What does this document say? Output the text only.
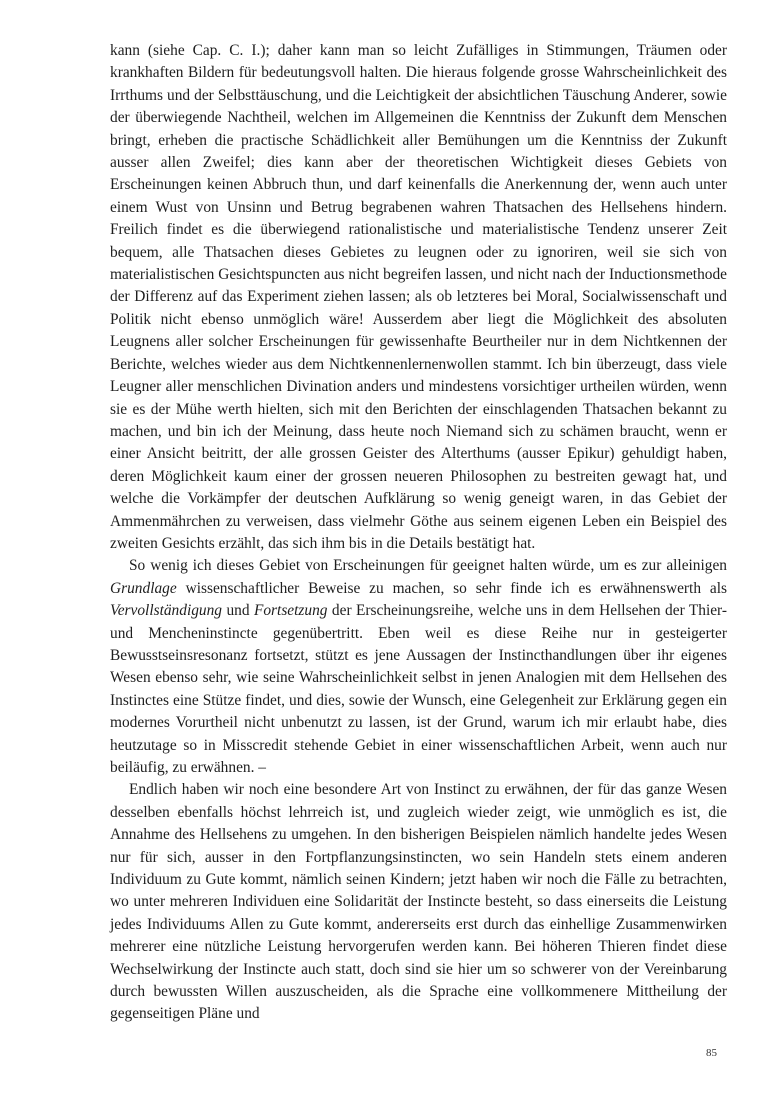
kann (siehe Cap. C. I.); daher kann man so leicht Zufälliges in Stimmungen, Träumen oder krankhaften Bildern für bedeutungsvoll halten. Die hieraus folgende grosse Wahrscheinlichkeit des Irrthums und der Selbsttäuschung, und die Leichtigkeit der absichtlichen Täuschung Anderer, sowie der überwiegende Nachtheil, welchen im Allgemeinen die Kenntniss der Zukunft dem Menschen bringt, erheben die practische Schädlichkeit aller Bemühungen um die Kenntniss der Zukunft ausser allen Zweifel; dies kann aber der theoretischen Wichtigkeit dieses Gebiets von Erscheinungen keinen Abbruch thun, und darf keinenfalls die Anerkennung der, wenn auch unter einem Wust von Unsinn und Betrug begrabenen wahren Thatsachen des Hellsehens hindern. Freilich findet es die überwiegend rationalistische und materialistische Tendenz unserer Zeit bequem, alle Thatsachen dieses Gebietes zu leugnen oder zu ignoriren, weil sie sich von materialistischen Gesichtspuncten aus nicht begreifen lassen, und nicht nach der Inductionsmethode der Differenz auf das Experiment ziehen lassen; als ob letzteres bei Moral, Socialwissenschaft und Politik nicht ebenso unmöglich wäre! Ausserdem aber liegt die Möglichkeit des absoluten Leugnens aller solcher Erscheinungen für gewissenhafte Beurtheiler nur in dem Nichtkennen der Berichte, welches wieder aus dem Nichtkennenlernenwollen stammt. Ich bin überzeugt, dass viele Leugner aller menschlichen Divination anders und mindestens vorsichtiger urtheilen würden, wenn sie es der Mühe werth hielten, sich mit den Berichten der einschlagenden Thatsachen bekannt zu machen, und bin ich der Meinung, dass heute noch Niemand sich zu schämen braucht, wenn er einer Ansicht beitritt, der alle grossen Geister des Alterthums (ausser Epikur) gehuldigt haben, deren Möglichkeit kaum einer der grossen neueren Philosophen zu bestreiten gewagt hat, und welche die Vorkämpfer der deutschen Aufklärung so wenig geneigt waren, in das Gebiet der Ammenmährchen zu verweisen, dass vielmehr Göthe aus seinem eigenen Leben ein Beispiel des zweiten Gesichts erzählt, das sich ihm bis in die Details bestätigt hat.

So wenig ich dieses Gebiet von Erscheinungen für geeignet halten würde, um es zur alleinigen Grundlage wissenschaftlicher Beweise zu machen, so sehr finde ich es erwähnenswerth als Vervollständigung und Fortsetzung der Erscheinungsreihe, welche uns in dem Hellsehen der Thier- und Mencheninstincte gegenübertritt. Eben weil es diese Reihe nur in gesteigerter Bewusstseinsresonanz fortsetzt, stützt es jene Aussagen der Instincthandlungen über ihr eigenes Wesen ebenso sehr, wie seine Wahrscheinlichkeit selbst in jenen Analogien mit dem Hellsehen des Instinctes eine Stütze findet, und dies, sowie der Wunsch, eine Gelegenheit zur Erklärung gegen ein modernes Vorurtheil nicht unbenutzt zu lassen, ist der Grund, warum ich mir erlaubt habe, dies heutzutage so in Misscredit stehende Gebiet in einer wissenschaftlichen Arbeit, wenn auch nur beiläufig, zu erwähnen. –

Endlich haben wir noch eine besondere Art von Instinct zu erwähnen, der für das ganze Wesen desselben ebenfalls höchst lehrreich ist, und zugleich wieder zeigt, wie unmöglich es ist, die Annahme des Hellsehens zu umgehen. In den bisherigen Beispielen nämlich handelte jedes Wesen nur für sich, ausser in den Fortpflanzungsinstincten, wo sein Handeln stets einem anderen Individuum zu Gute kommt, nämlich seinen Kindern; jetzt haben wir noch die Fälle zu betrachten, wo unter mehreren Individuen eine Solidarität der Instincte besteht, so dass einerseits die Leistung jedes Individuums Allen zu Gute kommt, andererseits erst durch das einhellige Zusammenwirken mehrerer eine nützliche Leistung hervorgerufen werden kann. Bei höheren Thieren findet diese Wechselwirkung der Instincte auch statt, doch sind sie hier um so schwerer von der Vereinbarung durch bewussten Willen auszuscheiden, als die Sprache eine vollkommenere Mittheilung der gegenseitigen Pläne und

85
